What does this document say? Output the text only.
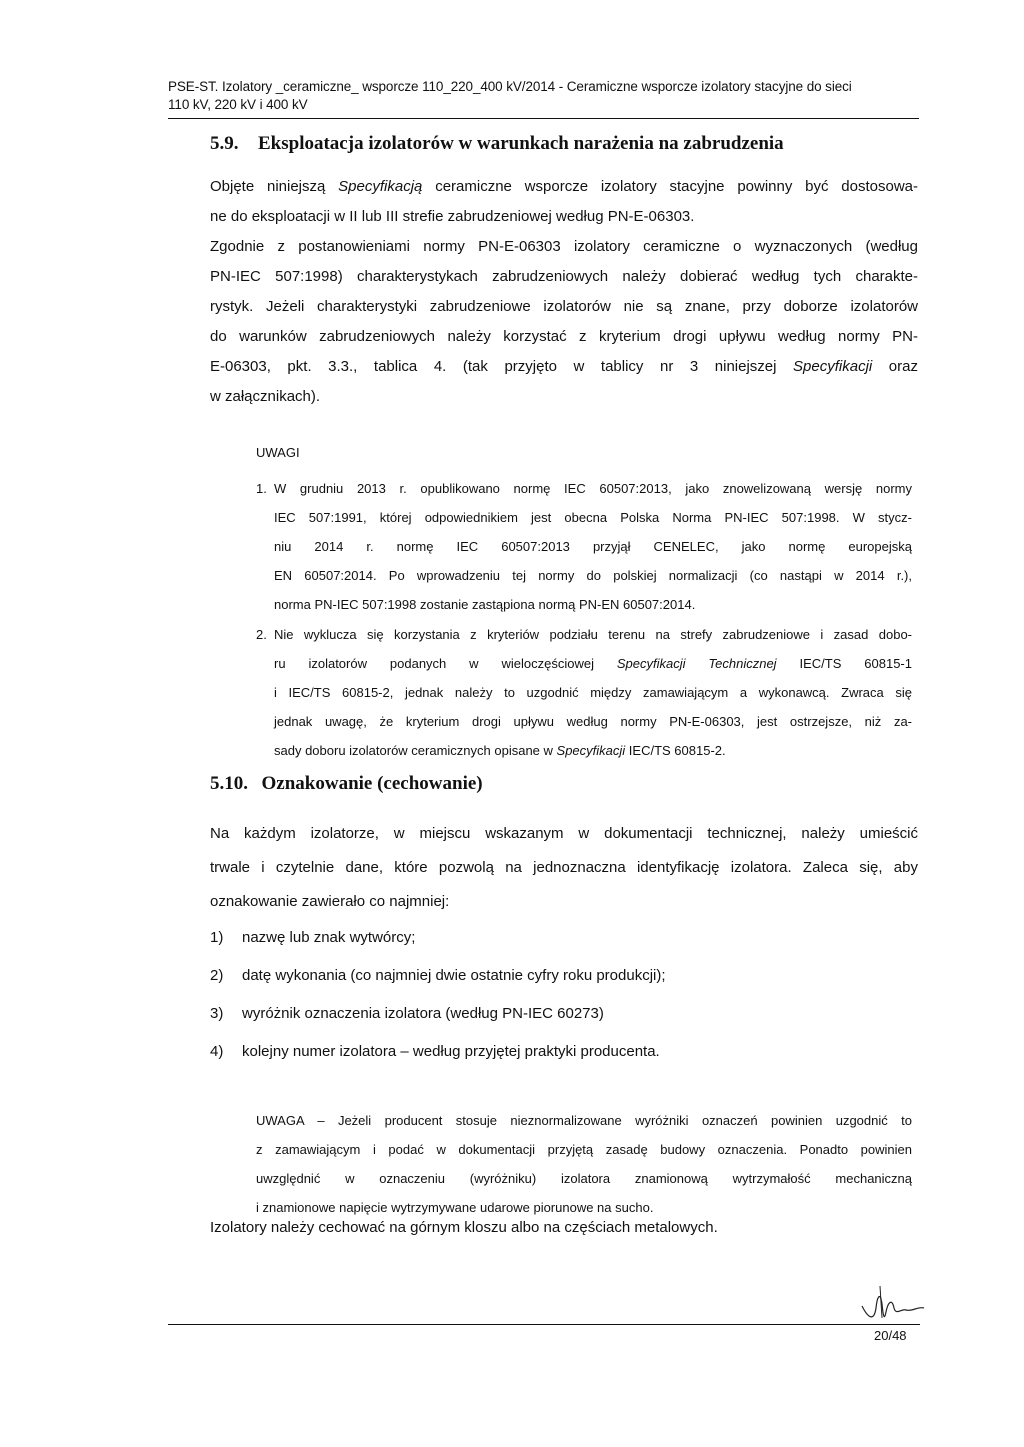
PSE-ST. Izolatory _ceramiczne_ wsporcze 110_220_400 kV/2014 - Ceramiczne wsporcze izolatory stacyjne do sieci
110 kV, 220 kV i 400 kV
5.9. Eksploatacja izolatorów w warunkach narażenia na zabrudzenia
Objęte niniejszą Specyfikacją ceramiczne wsporcze izolatory stacyjne powinny być dostosowa-
ne do eksploatacji w II lub III strefie zabrudzeniowej według PN-E-06303.
Zgodnie z postanowieniami normy PN-E-06303 izolatory ceramiczne o wyznaczonych (według
PN-IEC 507:1998) charakterystykach zabrudzeniowych należy dobierać według tych charakte-
rystyk. Jeżeli charakterystyki zabrudzeniowe izolatorów nie są znane, przy doborze izolatorów
do warunków zabrudzeniowych należy korzystać z kryterium drogi upływu według normy PN-
E-06303, pkt. 3.3., tablica 4. (tak przyjęto w tablicy nr 3 niniejszej Specyfikacji oraz
w załącznikach).
UWAGI
1. W grudniu 2013 r. opublikowano normę IEC 60507:2013, jako znowelizowaną wersję normy
IEC 507:1991, której odpowiednikiem jest obecna Polska Norma PN-IEC 507:1998. W stycz-
niu 2014 r. normę IEC 60507:2013 przyjął CENELEC, jako normę europejską
EN 60507:2014. Po wprowadzeniu tej normy do polskiej normalizacji (co nastąpi w 2014 r.),
norma PN-IEC 507:1998 zostanie zastąpiona normą PN-EN 60507:2014.
2. Nie wyklucza się korzystania z kryteriów podziału terenu na strefy zabrudzeniowe i zasad dobo-
ru izolatorów podanych w wieloczęściowej Specyfikacji Technicznej IEC/TS 60815-1
i IEC/TS 60815-2, jednak należy to uzgodnić między zamawiającym a wykonawcą. Zwraca się
jednak uwagę, że kryterium drogi upływu według normy PN-E-06303, jest ostrzejsze, niż za-
sady doboru izolatorów ceramicznych opisane w Specyfikacji IEC/TS 60815-2.
5.10. Oznakowanie (cechowanie)
Na każdym izolatorze, w miejscu wskazanym w dokumentacji technicznej, należy umieścić
trwale i czytelnie dane, które pozwolą na jednoznaczna identyfikację izolatora. Zaleca się, aby
oznakowanie zawierało co najmniej:
1) nazwę lub znak wytwórcy;
2) datę wykonania (co najmniej dwie ostatnie cyfry roku produkcji);
3) wyróżnik oznaczenia izolatora (według PN-IEC 60273)
4) kolejny numer izolatora – według przyjętej praktyki producenta.
UWAGA – Jeżeli producent stosuje nieznormalizowane wyróżniki oznaczeń powinien uzgodnić to
z zamawiającym i podać w dokumentacji przyjętą zasadę budowy oznaczenia. Ponadto powinien
uwzględnić w oznaczeniu (wyróżniku) izolatora znamionową wytrzymałość mechaniczną
i znamionowe napięcie wytrzymywane udarowe piorunowe na sucho.
Izolatory należy cechować na górnym kloszu albo na częściach metalowych.
20/48
